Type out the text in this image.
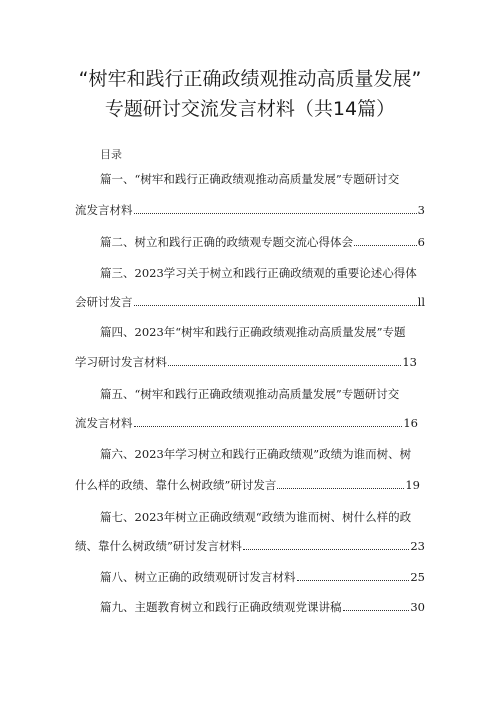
“树牢和践行正确政绩观推动高质量发展”
专题研讨交流发言材料（共14篇）
目录
篇一、“树牢和践行正确政绩观推动高质量发展”专题研讨交
流发言材料	3
篇二、树立和践行正确的政绩观专题交流心得体会	6
篇三、2023学习关于树立和践行正确政绩观的重要论述心得体
会研讨发言	ll
篇四、2023年“树牢和践行正确政绩观推动高质量发展”专题
学习研讨发言材料	13
篇五、“树牢和践行正确政绩观推动高质量发展”专题研讨交
流发言材料	16
篇六、2023年学习树立和践行正确政绩观”政绩为谁而树、树
什么样的政绩、靠什么树政绩”研讨发言	19
篇七、2023年树立正确政绩观“政绩为谁而树、树什么样的政
绩、靠什么树政绩”研讨发言材料	23
篇八、树立正确的政绩观研讨发言材料	25
篇九、主题教育树立和践行正确政绩观党课讲稿	30
